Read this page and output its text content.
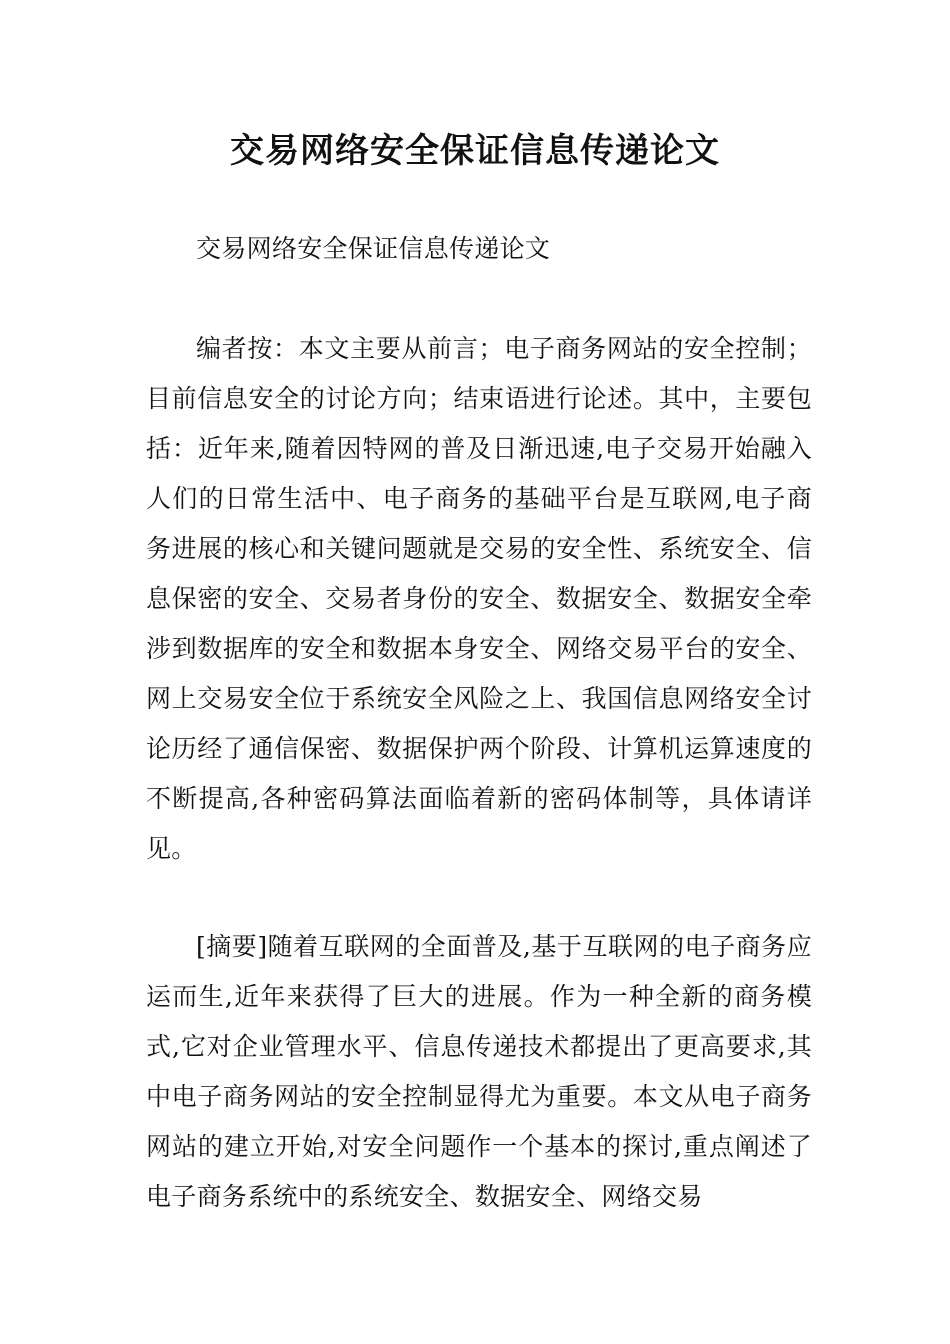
交易网络安全保证信息传递论文

交易网络安全保证信息传递论文

编者按：本文主要从前言；电子商务网站的安全控制；目前信息安全的讨论方向；结束语进行论述。其中，主要包括：近年来,随着因特网的普及日渐迅速,电子交易开始融入人们的日常生活中、电子商务的基础平台是互联网,电子商务进展的核心和关键问题就是交易的安全性、系统安全、信息保密的安全、交易者身份的安全、数据安全、数据安全牵涉到数据库的安全和数据本身安全、网络交易平台的安全、网上交易安全位于系统安全风险之上、我国信息网络安全讨论历经了通信保密、数据保护两个阶段、计算机运算速度的不断提高,各种密码算法面临着新的密码体制等，具体请详见。

[摘要]随着互联网的全面普及,基于互联网的电子商务应运而生,近年来获得了巨大的进展。作为一种全新的商务模式,它对企业管理水平、信息传递技术都提出了更高要求,其中电子商务网站的安全控制显得尤为重要。本文从电子商务网站的建立开始,对安全问题作一个基本的探讨,重点阐述了电子商务系统中的系统安全、数据安全、网络交易
